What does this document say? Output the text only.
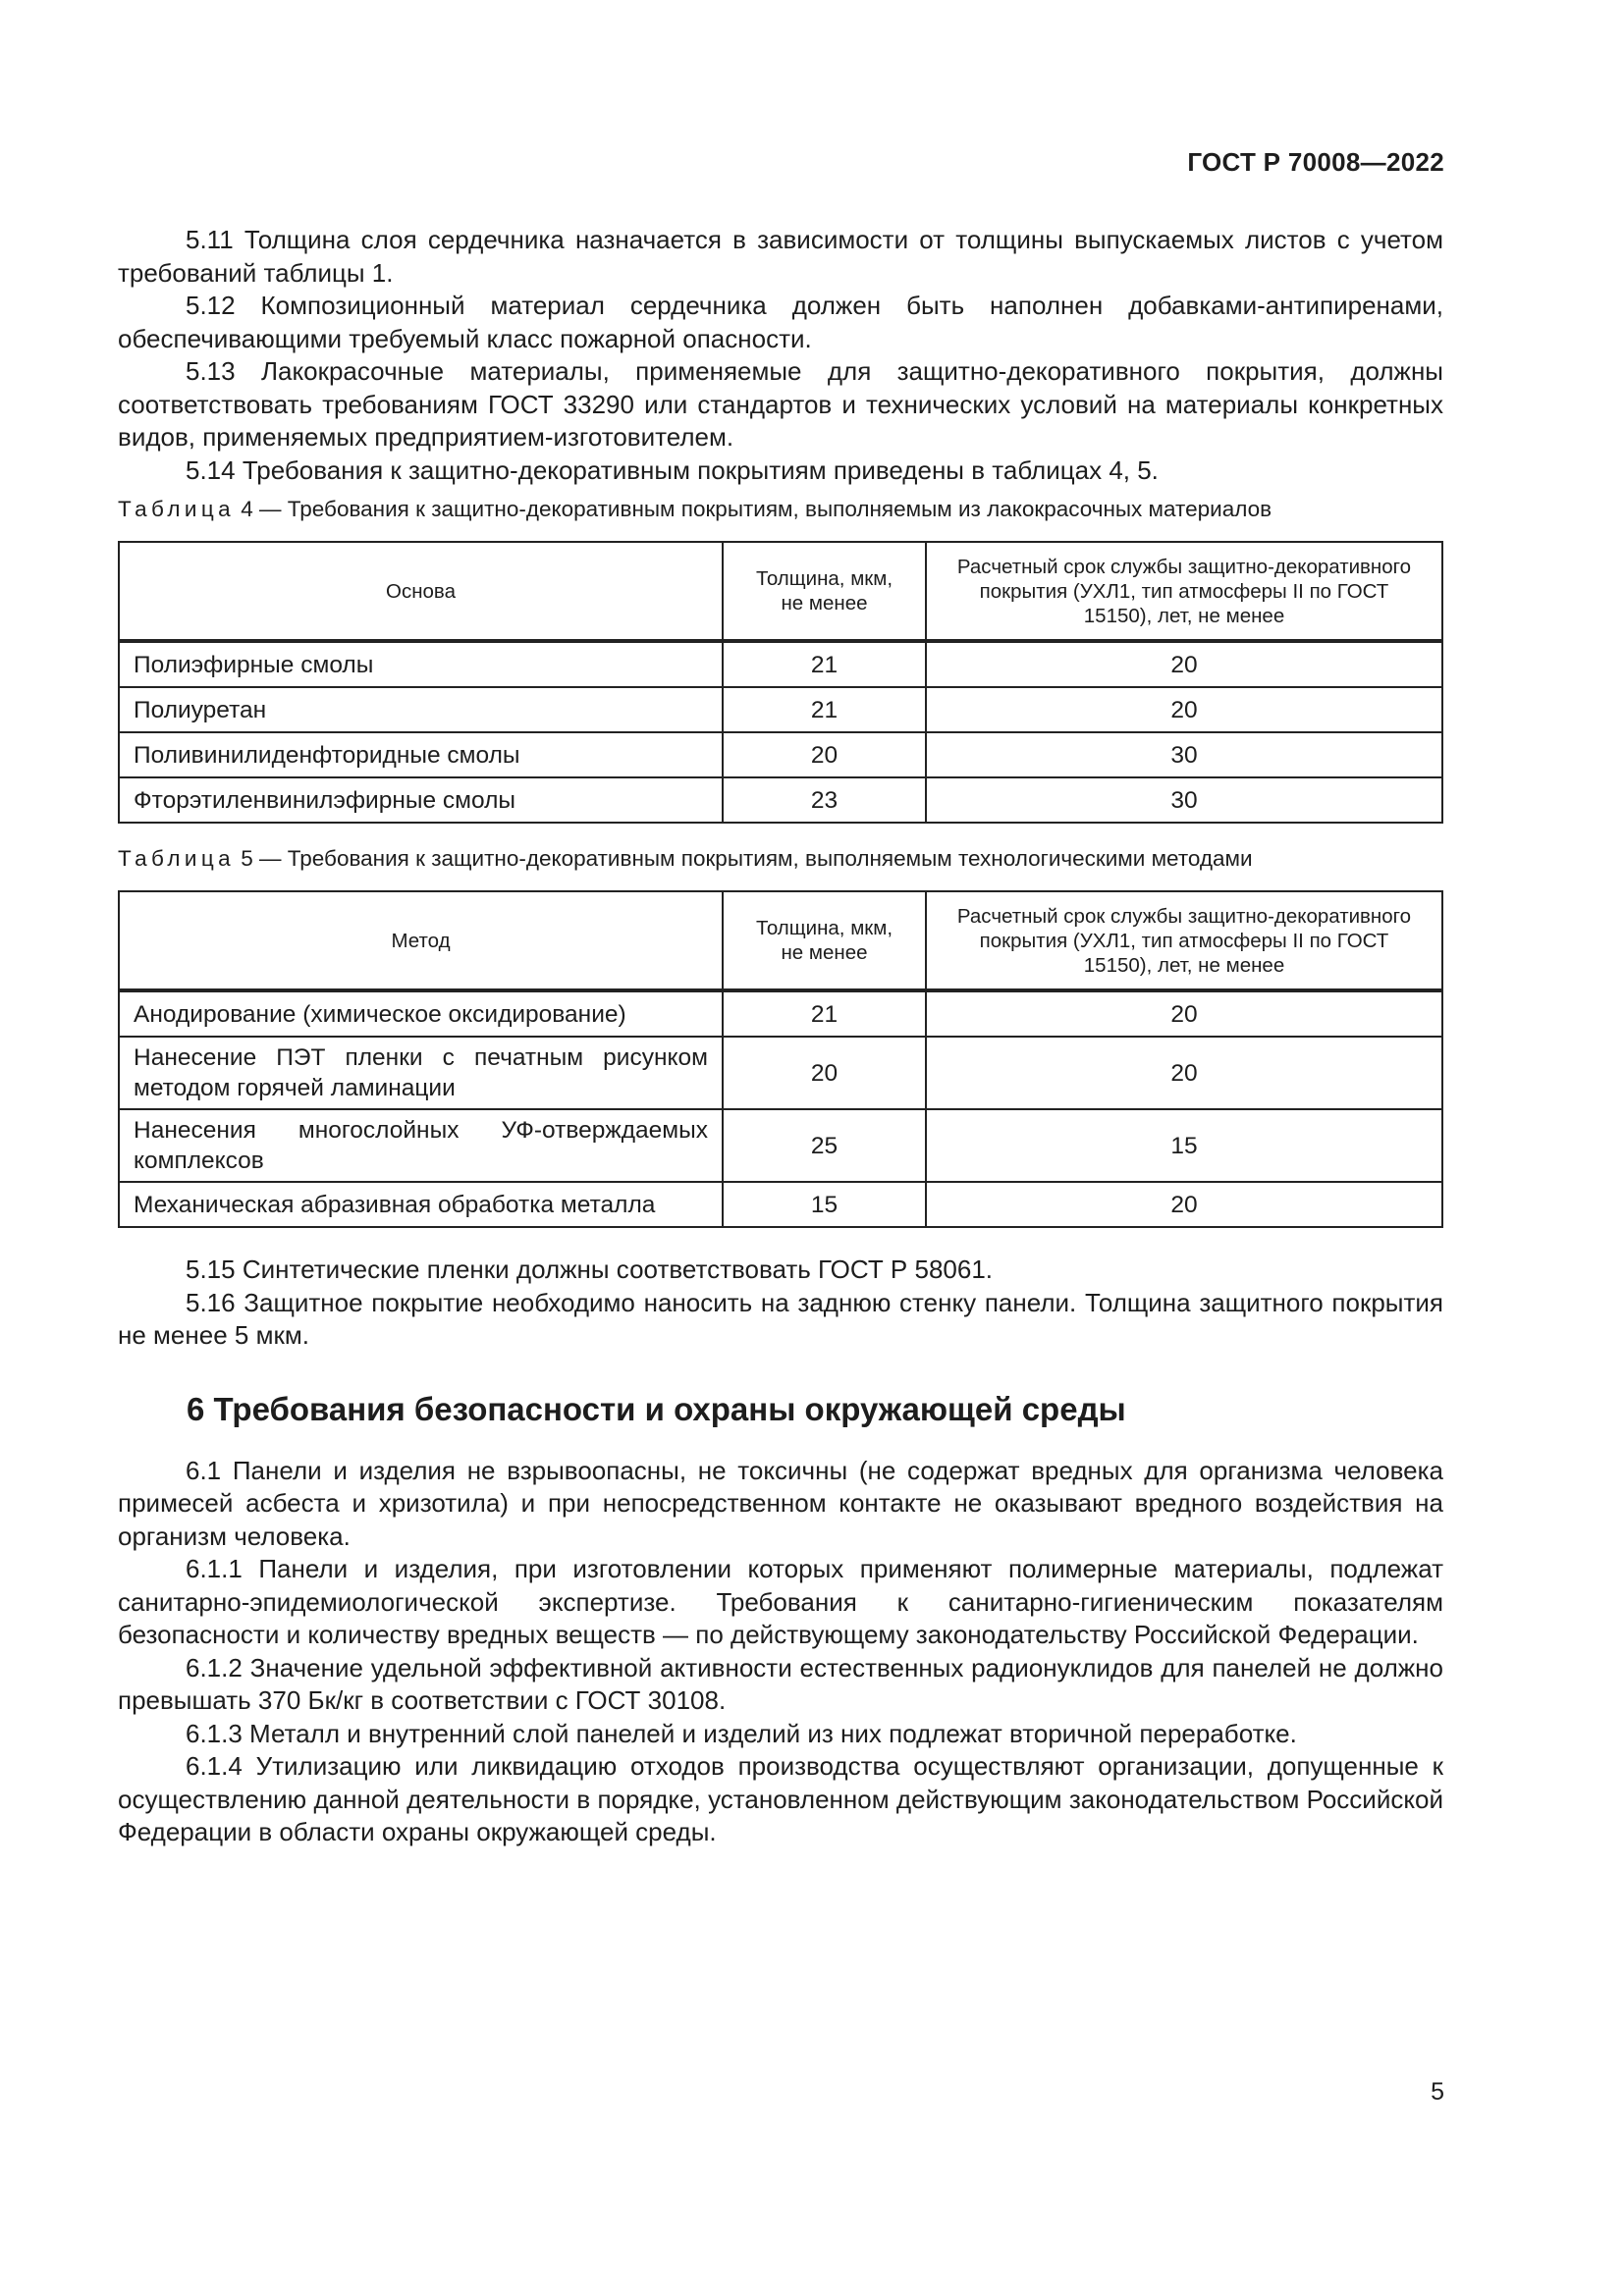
ГОСТ Р 70008—2022

5.11 Толщина слоя сердечника назначается в зависимости от толщины выпускаемых листов с учетом требований таблицы 1.

5.12 Композиционный материал сердечника должен быть наполнен добавками-антипиренами, обеспечивающими требуемый класс пожарной опасности.

5.13 Лакокрасочные материалы, применяемые для защитно-декоративного покрытия, должны соответствовать требованиям ГОСТ 33290 или стандартов и технических условий на материалы конкретных видов, применяемых предприятием-изготовителем.

5.14 Требования к защитно-декоративным покрытиям приведены в таблицах 4, 5.

Таблица 4 — Требования к защитно-декоративным покрытиям, выполняемым из лакокрасочных материалов
Основа	Толщина, мкм, не менее	Расчетный срок службы защитно-декоративного покрытия (УХЛ1, тип атмосферы II по ГОСТ 15150), лет, не менее
Полиэфирные смолы	21	20
Полиуретан	21	20
Поливинилиденфторидные смолы	20	30
Фторэтиленвинилэфирные смолы	23	30
Таблица 5 — Требования к защитно-декоративным покрытиям, выполняемым технологическими методами
Метод	Толщина, мкм, не менее	Расчетный срок службы защитно-декоративного покрытия (УХЛ1, тип атмосферы II по ГОСТ 15150), лет, не менее
Анодирование (химическое оксидирование)	21	20
Нанесение ПЭТ пленки с печатным рисунком методом горячей ламинации	20	20
Нанесения многослойных УФ-отверждаемых комплексов	25	15
Механическая абразивная обработка металла	15	20

5.15 Синтетические пленки должны соответствовать ГОСТ Р 58061.

5.16 Защитное покрытие необходимо наносить на заднюю стенку панели. Толщина защитного покрытия не менее 5 мкм.

6 Требования безопасности и охраны окружающей среды

6.1 Панели и изделия не взрывоопасны, не токсичны (не содержат вредных для организма человека примесей асбеста и хризотила) и при непосредственном контакте не оказывают вредного воздействия на организм человека.

6.1.1 Панели и изделия, при изготовлении которых применяют полимерные материалы, подлежат санитарно-эпидемиологической экспертизе. Требования к санитарно-гигиеническим показателям безопасности и количеству вредных веществ — по действующему законодательству Российской Федерации.

6.1.2 Значение удельной эффективной активности естественных радионуклидов для панелей не должно превышать 370 Бк/кг в соответствии с ГОСТ 30108.

6.1.3 Металл и внутренний слой панелей и изделий из них подлежат вторичной переработке.

6.1.4 Утилизацию или ликвидацию отходов производства осуществляют организации, допущенные к осуществлению данной деятельности в порядке, установленном действующим законодательством Российской Федерации в области охраны окружающей среды.

5
